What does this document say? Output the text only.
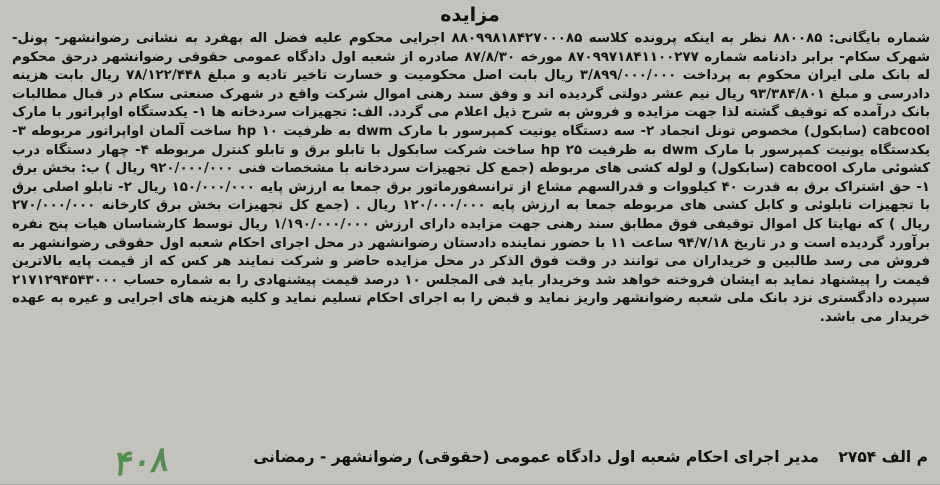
مزایده
شماره بایگانی: ۸۸۰۰۸۵ نظر به اینکه پرونده کلاسه ۸۸۰۹۹۸۱۸۴۲۷۰۰۰۸۵ اجرایی محکوم علیه فضل اله بهفرد به نشانی رضوانشهر- پونل- شهرک سکام- برابر دادنامه شماره ۸۷۰۹۹۷۱۸۴۱۱۰۰۲۷۷ مورخه ۸۷/۸/۳۰ صادره از شعبه اول دادگاه عمومی حقوقی رضوانشهر درحق محکوم له بانک ملی ایران محکوم به پرداخت ۳/۸۹۹/۰۰۰/۰۰۰ ریال بابت اصل محکومیت و خسارت تاخیر تادیه و مبلغ ۷۸/۱۲۲/۴۴۸ ریال بابت هزینه دادرسی و مبلغ ۹۳/۳۸۴/۸۰۱ ریال نیم عشر دولتی گردیده اند و وفق سند رهنی اموال شرکت واقع در شهرک صنعتی سکام در قبال مطالبات بانک درآمده که توقیف گشته لذا جهت مزایده و فروش به شرح ذیل اعلام می گردد. الف: تجهیزات سردخانه ها ۱- یکدستگاه اواپراتور با مارک cabcool (سابکول) مخصوص تونل انجماد ۲- سه دستگاه یونیت کمپرسور با مارک dwm به ظرفیت hp ۱۰ ساخت آلمان اواپراتور مربوطه ۳- یکدستگاه یونیت کمپرسور با مارک dwm به ظرفیت hp ۲۵ ساخت شرکت سابکول با تابلو برق و تابلو کنترل مربوطه ۴- چهار دستگاه درب کشوئی مارک cabcool (سابکول) و لوله کشی های مربوطه (جمع کل تجهیزات سردخانه با مشخصات فنی ۹۲۰/۰۰۰/۰۰۰ ریال ) ب: بخش برق ۱- حق اشتراک برق به قدرت ۴۰ کیلووات و قدرالسهم مشاع از ترانسفورماتور برق جمعا به ارزش پایه ۱۵۰/۰۰۰/۰۰۰ ریال ۲- تابلو اصلی برق با تجهیزات تابلوئی و کابل کشی های مربوطه جمعا به ارزش پایه ۱۲۰/۰۰۰/۰۰۰ ریال . (جمع کل تجهیزات بخش برق کارخانه ۲۷۰/۰۰۰/۰۰۰ ریال ) که نهایتا کل اموال توقیفی فوق مطابق سند رهنی جهت مزایده دارای ارزش ۱/۱۹۰/۰۰۰/۰۰۰ ریال توسط کارشناسان هیات پنج نفره برآورد گردیده است و در تاریخ ۹۴/۷/۱۸ ساعت ۱۱ با حضور نماینده دادستان رضوانشهر در محل اجرای احکام شعبه اول حقوقی رضوانشهر به فروش می رسد طالبین و خریداران می توانند در وقت فوق الذکر در محل مزایده حاضر و شرکت نمایند هر کس که از قیمت پایه بالاترین قیمت را پیشنهاد نماید به ایشان فروخته خواهد شد وخریدار باید فی المجلس ۱۰ درصد قیمت پیشنهادی را به شماره حساب ۲۱۷۱۲۹۴۵۴۳۰۰۰ سپرده دادگستری نزد بانک ملی شعبه رضوانشهر واریز نماید و قبض را به اجرای احکام تسلیم نماید و کلیه هزینه های اجرایی و غیره به عهده خریدار می باشد.
م الف ۲۷۵۴ مدیر اجرای احکام شعبه اول دادگاه عمومی (حقوقی) رضوانشهر - رمضانی
۴۰۸
